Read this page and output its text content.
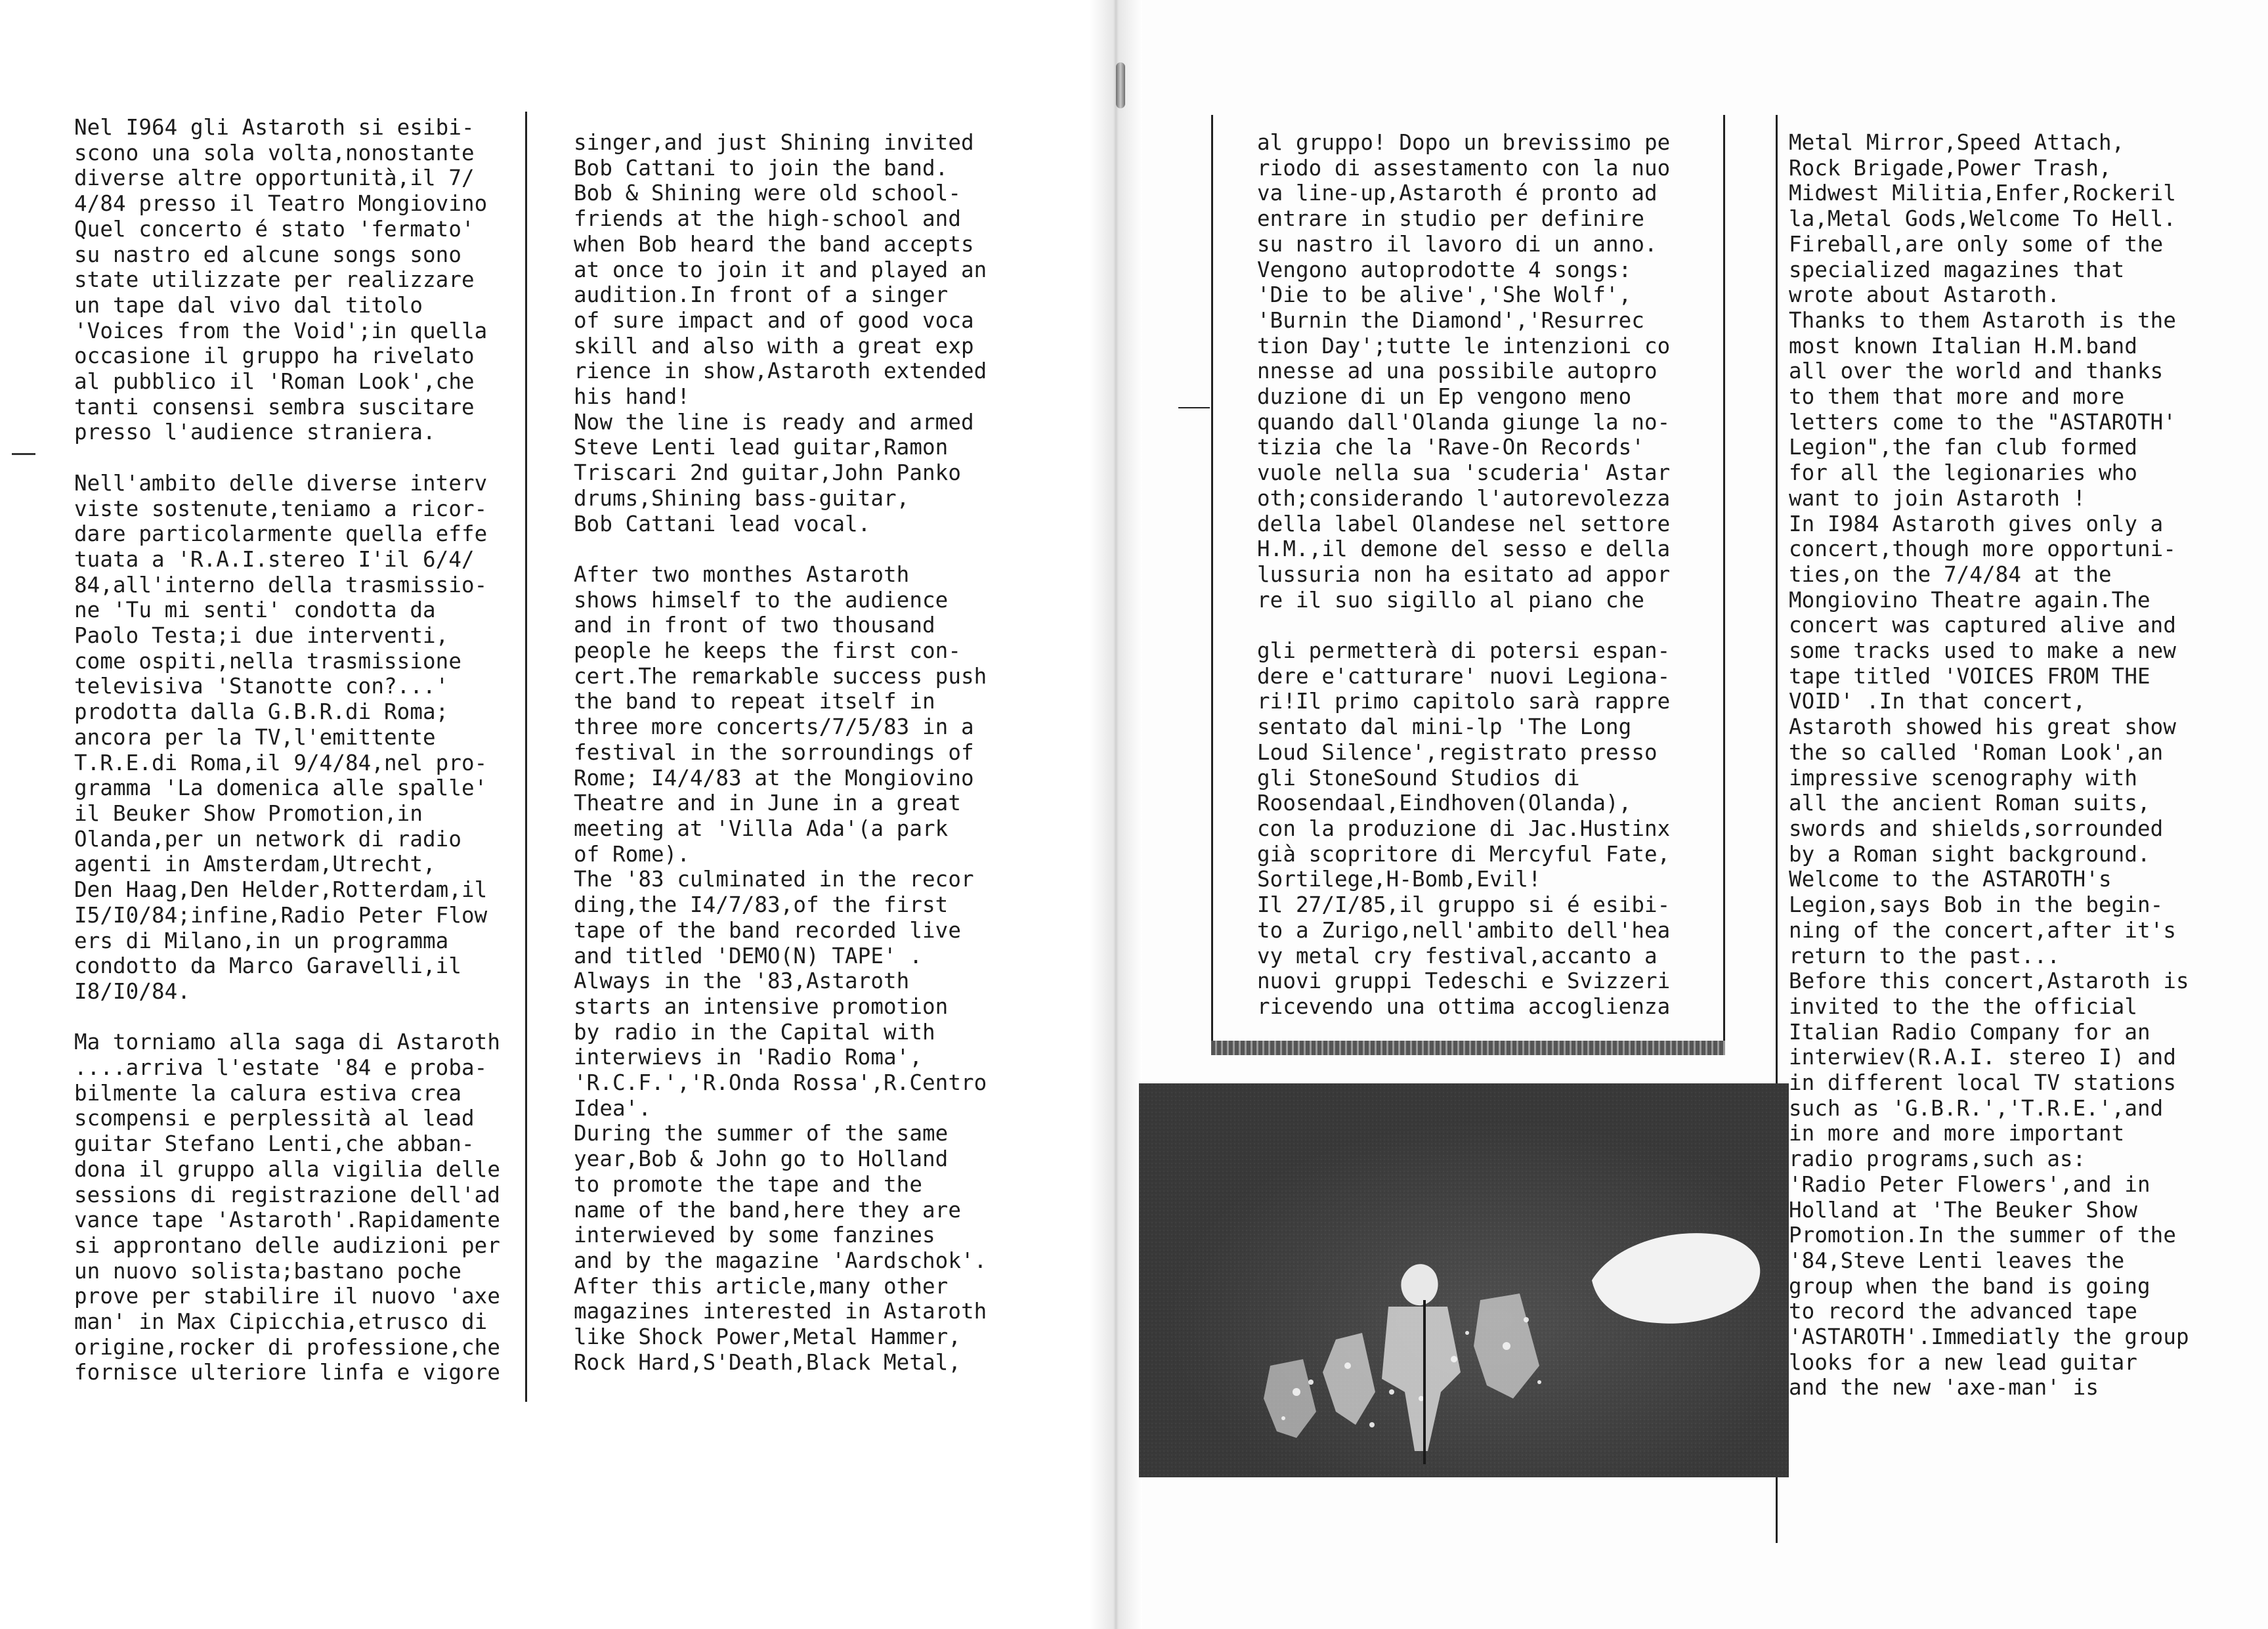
Nel I964 gli Astaroth si esibi-
scono una sola volta,nonostante
diverse altre opportunità,il 7/
4/84 presso il Teatro Mongiovino
Quel concerto é stato 'fermato'
su nastro ed alcune songs sono
state utilizzate per realizzare
un tape dal vivo dal titolo
'Voices from the Void';in quella
occasione il gruppo ha rivelato
al pubblico il 'Roman Look',che
tanti consensi sembra suscitare
presso l'audience straniera.

Nell'ambito delle diverse interv
viste sostenute,teniamo a ricor-
dare particolarmente quella effe
tuata a 'R.A.I.stereo I'il 6/4/
84,all'interno della trasmissio-
ne 'Tu mi senti' condotta da
Paolo Testa;i due interventi,
come ospiti,nella trasmissione
televisiva 'Stanotte con?...'
prodotta dalla G.B.R.di Roma;
ancora per la TV,l'emittente
T.R.E.di Roma,il 9/4/84,nel pro-
gramma 'La domenica alle spalle'
il Beuker Show Promotion,in
Olanda,per un network di radio
agenti in Amsterdam,Utrecht,
Den Haag,Den Helder,Rotterdam,il
I5/I0/84;infine,Radio Peter Flow
ers di Milano,in un programma
condotto da Marco Garavelli,il
I8/I0/84.

Ma torniamo alla saga di Astaroth
....arriva l'estate '84 e proba-
bilmente la calura estiva crea
scompensi e perplessità al lead
guitar Stefano Lenti,che abban-
dona il gruppo alla vigilia delle
sessions di registrazione dell'ad
vance tape 'Astaroth'.Rapidamente
si approntano delle audizioni per
un nuovo solista;bastano poche
prove per stabilire il nuovo 'axe
man' in Max Cipicchia,etrusco di
origine,rocker di professione,che
fornisce ulteriore linfa e vigore
singer,and just Shining invited
Bob Cattani to join the band.
Bob & Shining were old school-
friends at the high-school and
when Bob heard the band accepts
at once to join it and played an
audition.In front of a singer
of sure impact and of good voca
skill and also with a great exp
rience in show,Astaroth extended
his hand!
Now the line is ready and armed
Steve Lenti lead guitar,Ramon
Triscari 2nd guitar,John Panko
drums,Shining bass-guitar,
Bob Cattani lead vocal.

After two monthes Astaroth
shows himself to the audience
and in front of two thousand
people he keeps the first con-
cert.The remarkable success push
the band to repeat itself in
three more concerts/7/5/83 in a
festival in the sorroundings of
Rome; I4/4/83 at the Mongiovino
Theatre and in June in a great
meeting at 'Villa Ada'(a park
of Rome).
The '83 culminated in the recor
ding,the I4/7/83,of the first
tape of the band recorded live
and titled 'DEMO(N) TAPE' .
Always in the '83,Astaroth
starts an intensive promotion
by radio in the Capital with
interwievs in 'Radio Roma',
'R.C.F.','R.Onda Rossa',R.Centro
Idea'.
During the summer of the same
year,Bob & John go to Holland
to promote the tape and the
name of the band,here they are
interwieved by some fanzines
and by the magazine 'Aardschok'.
After this article,many other
magazines interested in Astaroth
like Shock Power,Metal Hammer,
Rock Hard,S'Death,Black Metal,
al gruppo! Dopo un brevissimo pe
riodo di assestamento con la nuo
va line-up,Astaroth é pronto ad
entrare in studio per definire
su nastro il lavoro di un anno.
Vengono autoprodotte 4 songs:
'Die to be alive','She Wolf',
'Burnin the Diamond','Resurrec
tion Day';tutte le intenzioni co
nnesse ad una possibile autopro
duzione di un Ep vengono meno
quando dall'Olanda giunge la no-
tizia che la 'Rave-On Records'
vuole nella sua 'scuderia' Astar
oth;considerando l'autorevolezza
della label Olandese nel settore
H.M.,il demone del sesso e della
lussuria non ha esitato ad appor
re il suo sigillo al piano che

gli permetterà di potersi espan-
dere e'catturare' nuovi Legiona-
ri!Il primo capitolo sarà rappre
sentato dal mini-lp 'The Long
Loud Silence',registrato presso
gli StoneSound Studios di
Roosendaal,Eindhoven(Olanda),
con la produzione di Jac.Hustinx
già scopritore di Mercyful Fate,
Sortilege,H-Bomb,Evil!
Il 27/I/85,il gruppo si é esibi-
to a Zurigo,nell'ambito dell'hea
vy metal cry festival,accanto a
nuovi gruppi Tedeschi e Svizzeri
ricevendo una ottima accoglienza
Metal Mirror,Speed Attach,
Rock Brigade,Power Trash,
Midwest Militia,Enfer,Rockeril
la,Metal Gods,Welcome To Hell.
Fireball,are only some of the
specialized magazines that
wrote about Astaroth.
Thanks to them Astaroth is the
most known Italian H.M.band
all over the world and thanks
to them that more and more
letters come to the "ASTAROTH'
Legion",the fan club formed
for all the legionaries who
want to join Astaroth !
In I984 Astaroth gives only a
concert,though more opportuni-
ties,on the 7/4/84 at the
Mongiovino Theatre again.The
concert was captured alive and
some tracks used to make a new
tape titled 'VOICES FROM THE
VOID' .In that concert,
Astaroth showed his great show
the so called 'Roman Look',an
impressive scenography with
all the ancient Roman suits,
swords and shields,sorrounded
by a Roman sight background.
Welcome to the ASTAROTH's
Legion,says Bob in the begin-
ning of the concert,after it's
return to the past...
Before this concert,Astaroth is
invited to the the official
Italian Radio Company for an
interwiev(R.A.I. stereo I) and
in different local TV stations
such as 'G.B.R.','T.R.E.',and
in more and more important
radio programs,such as:
'Radio Peter Flowers',and in
Holland at 'The Beuker Show
Promotion.In the summer of the
'84,Steve Lenti leaves the
group when the band is going
to record the advanced tape
'ASTAROTH'.Immediatly the group
looks for a new lead guitar
and the new 'axe-man' is
